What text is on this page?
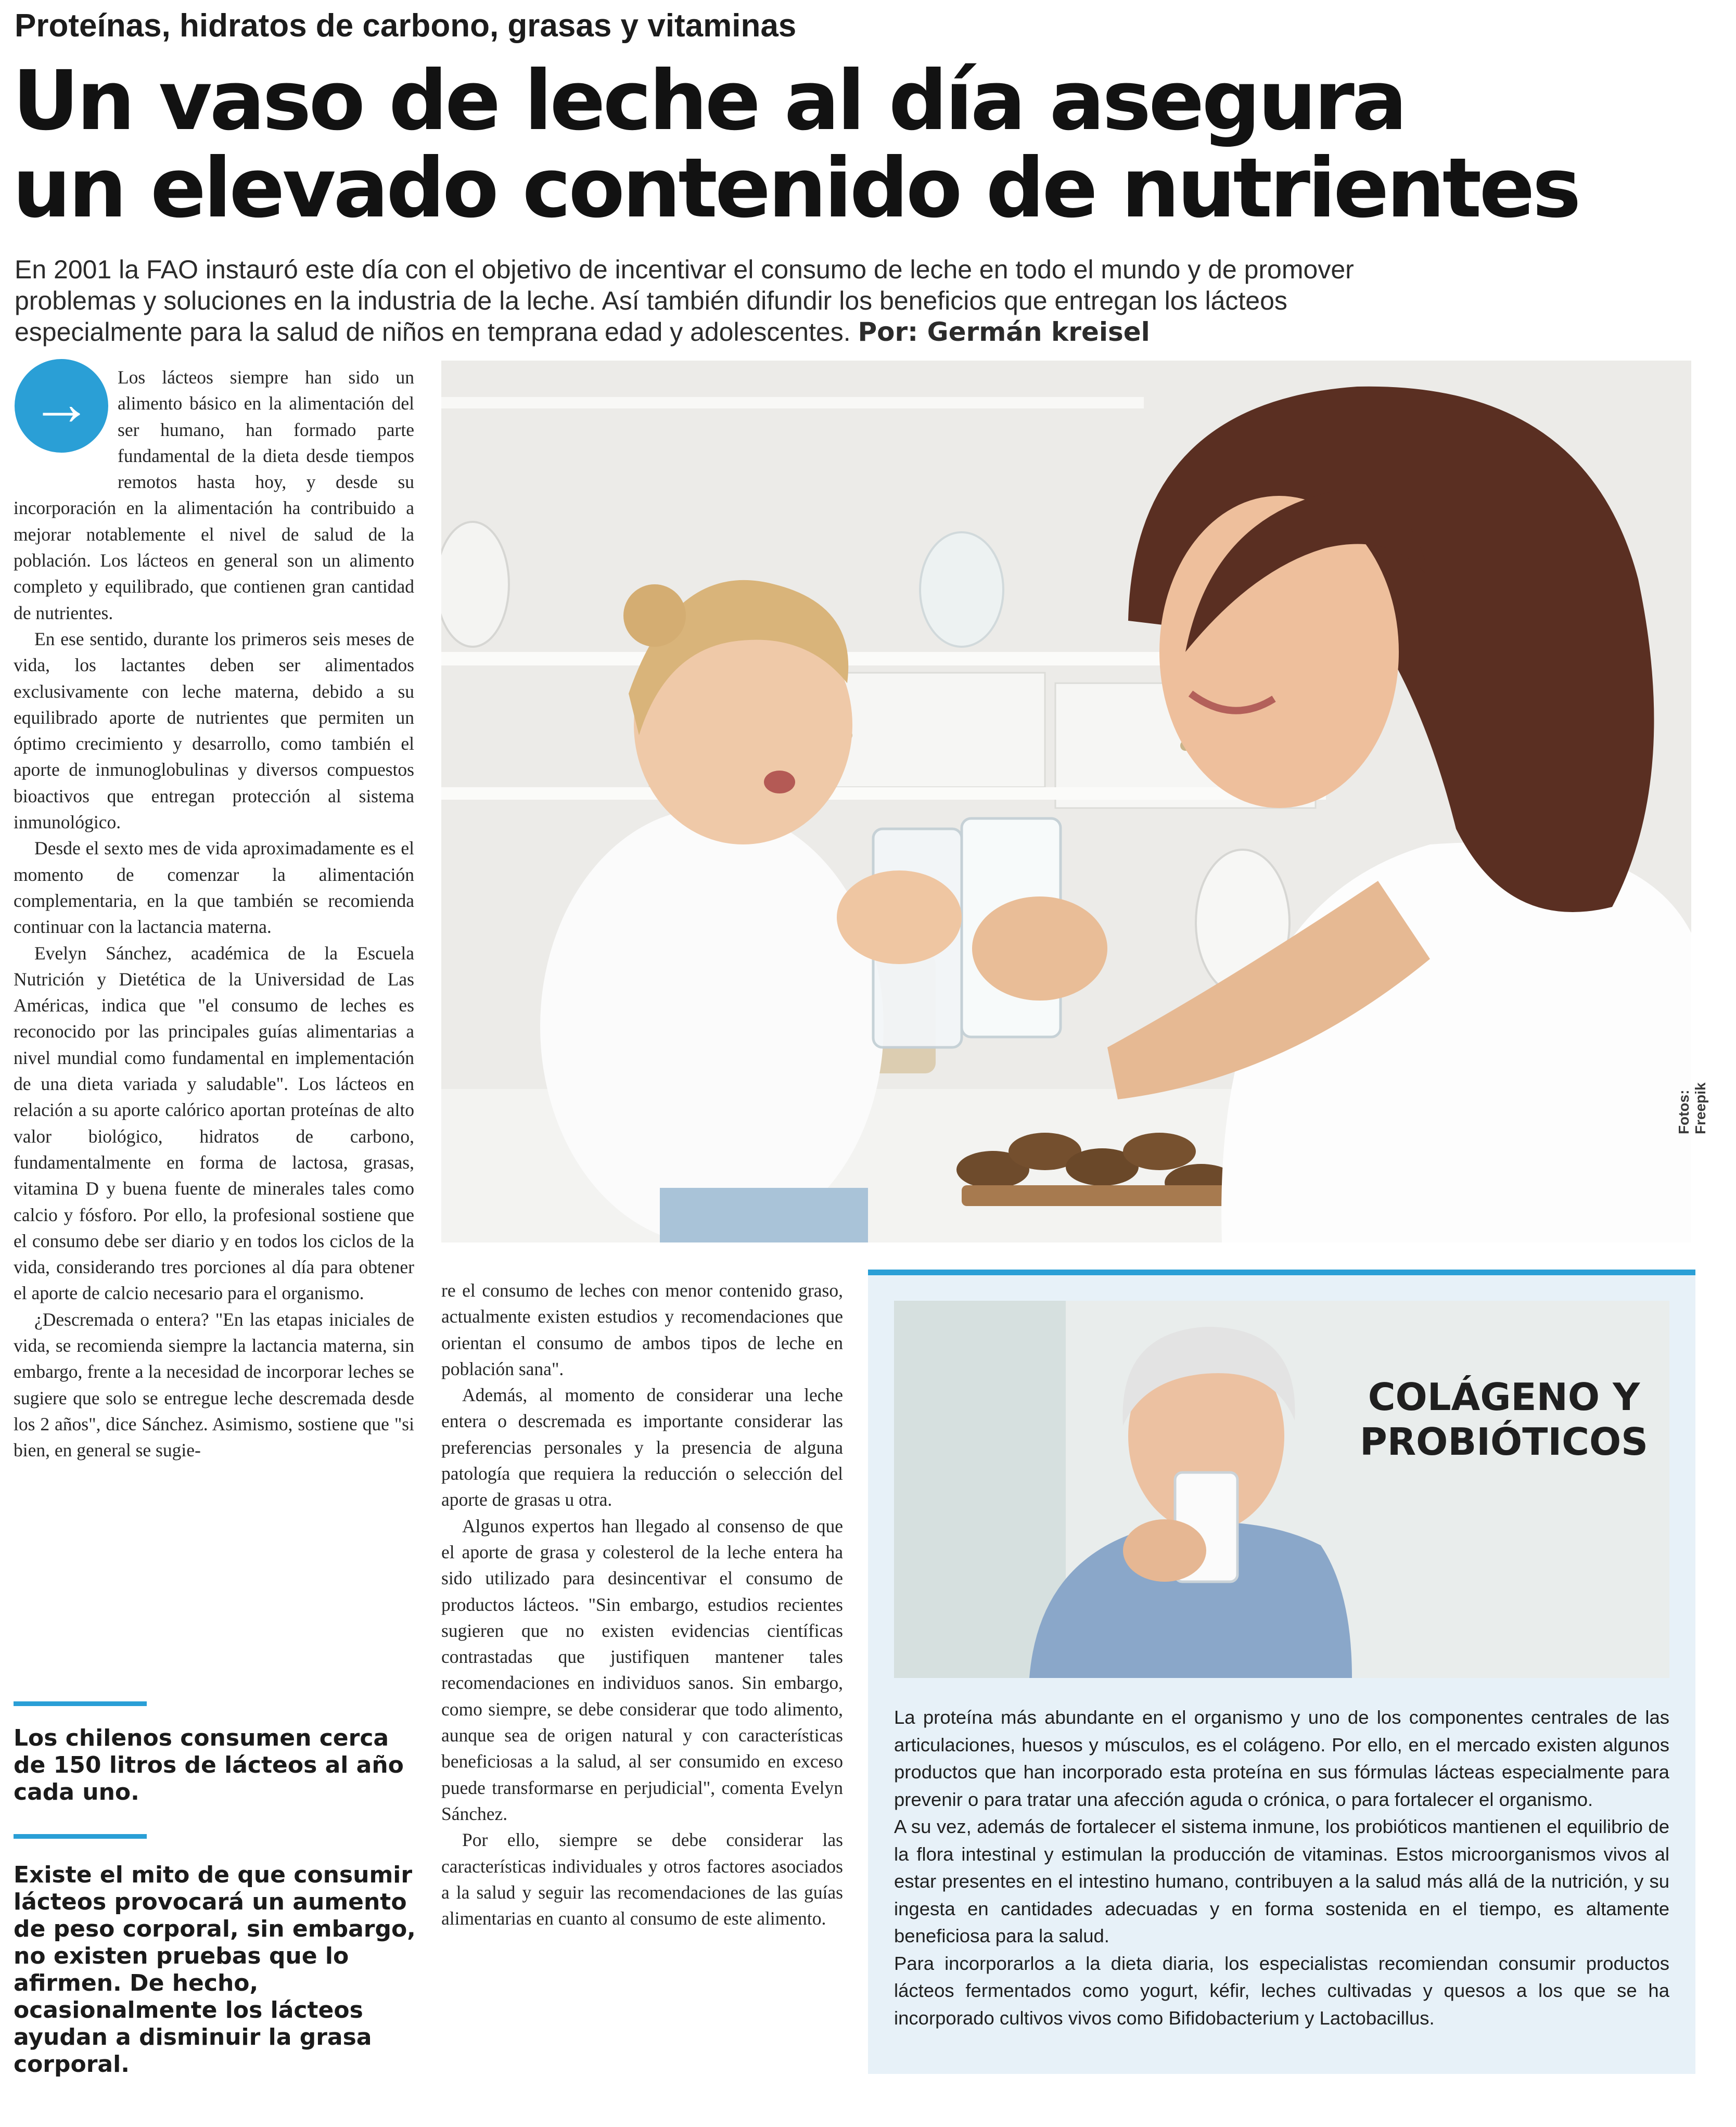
Proteínas, hidratos de carbono, grasas y vitaminas
Un vaso de leche al día asegura
un elevado contenido de nutrientes
En 2001 la FAO instauró este día con el objetivo de incentivar el consumo de leche en todo el mundo y de promover problemas y soluciones en la industria de la leche. Así también difundir los beneficios que entregan los lácteos especialmente para la salud de niños en temprana edad y adolescentes. Por: Germán kreisel
→	Los lácteos siempre han sido un alimento básico en la alimentación del ser humano, han formado parte fundamental de la dieta desde tiempos remotos hasta hoy, y desde su incorporación en la alimentación ha contribuido a mejorar notablemente el nivel de salud de la población. Los lácteos en general son un alimento completo y equilibrado, que contienen gran cantidad de nutrientes.

En ese sentido, durante los primeros seis meses de vida, los lactantes deben ser alimentados exclusivamente con leche materna, debido a su equilibrado aporte de nutrientes que permiten un óptimo crecimiento y desarrollo, como también el aporte de inmunoglobulinas y diversos compuestos bioactivos que entregan protección al sistema inmunológico.

Desde el sexto mes de vida aproximadamente es el momento de comenzar la alimentación complementaria, en la que también se recomienda continuar con la lactancia materna.

Evelyn Sánchez, académica de la Escuela Nutrición y Dietética de la Universidad de Las Américas, indica que "el consumo de leches es reconocido por las principales guías alimentarias a nivel mundial como fundamental en implementación de una dieta variada y saludable". Los lácteos en relación a su aporte calórico aportan proteínas de alto valor biológico, hidratos de carbono, fundamentalmente en forma de lactosa, grasas, vitamina D y buena fuente de minerales tales como calcio y fósforo. Por ello, la profesional sostiene que el consumo debe ser diario y en todos los ciclos de la vida, considerando tres porciones al día para obtener el aporte de calcio necesario para el organismo.

¿Descremada o entera? "En las etapas iniciales de vida, se recomienda siempre la lactancia materna, sin embargo, frente a la necesidad de incorporar leches se sugiere que solo se entregue leche descremada desde los 2 años", dice Sánchez. Asimismo, sostiene que "si bien, en general se sugie-

Fotos: Freepik

re el consumo de leches con menor contenido graso, actualmente existen estudios y recomendaciones que orientan el consumo de ambos tipos de leche en población sana".

Además, al momento de considerar una leche entera o descremada es importante considerar las preferencias personales y la presencia de alguna patología que requiera la reducción o selección del aporte de grasas u otra.

Algunos expertos han llegado al consenso de que el aporte de grasa y colesterol de la leche entera ha sido utilizado para desincentivar el consumo de productos lácteos. "Sin embargo, estudios recientes sugieren que no existen evidencias científicas contrastadas que justifiquen mantener tales recomendaciones en individuos sanos. Sin embargo, como siempre, se debe considerar que todo alimento, aunque sea de origen natural y con características beneficiosas a la salud, al ser consumido en exceso puede transformarse en perjudicial", comenta Evelyn Sánchez.

Por ello, siempre se debe considerar las características individuales y otros factores asociados a la salud y seguir las recomendaciones de las guías alimentarias en cuanto al consumo de este alimento.

Los chilenos consumen cerca de 150 litros de lácteos al año cada uno.
Existe el mito de que consumir lácteos provocará un aumento de peso corporal, sin embargo, no existen pruebas que lo afirmen. De hecho, ocasionalmente los lácteos ayudan a disminuir la grasa corporal.
COLÁGENO Y
PROBIÓTICOS

La proteína más abundante en el organismo y uno de los componentes centrales de las articulaciones, huesos y músculos, es el colágeno. Por ello, en el mercado existen algunos productos que han incorporado esta proteína en sus fórmulas lácteas especialmente para prevenir o para tratar una afección aguda o crónica, o para fortalecer el organismo.

A su vez, además de fortalecer el sistema inmune, los probióticos mantienen el equilibrio de la flora intestinal y estimulan la producción de vitaminas. Estos microorganismos vivos al estar presentes en el intestino humano, contribuyen a la salud más allá de la nutrición, y su ingesta en cantidades adecuadas y en forma sostenida en el tiempo, es altamente beneficiosa para la salud.

Para incorporarlos a la dieta diaria, los especialistas recomiendan consumir productos lácteos fermentados como yogurt, kéfir, leches cultivadas y quesos a los que se ha incorporado cultivos vivos como Bifidobacterium y Lactobacillus.
